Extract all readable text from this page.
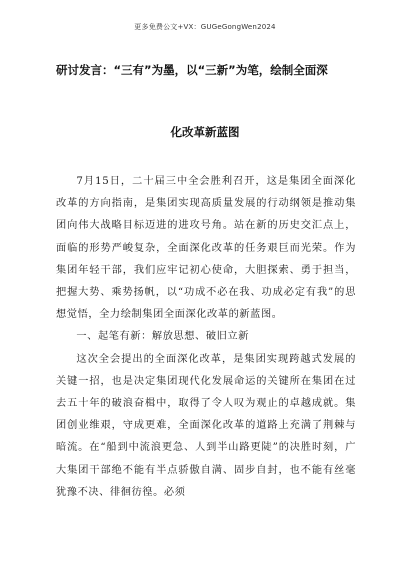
更多免费公文+VX：GUGeGongWen2024
研讨发言：“三有”为墨，以“三新”为笔，绘制全面深
化改革新蓝图

7月15日，二十届三中全会胜利召开，这是集团全面深化改革的方向指南，是集团实现高质量发展的行动纲领是推动集团向伟大战略目标迈进的进攻号角。站在新的历史交汇点上，面临的形势严峻复杂，全面深化改革的任务艰巨而光荣。作为集团年轻干部，我们应牢记初心使命，大胆探索、勇于担当，把握大势、乘势扬帆，以“功成不必在我、功成必定有我”的思想觉悟，全力绘制集团全面深化改革的新蓝图。

一、起笔有新：解放思想、破旧立新

这次全会提出的全面深化改革，是集团实现跨越式发展的关键一招，也是决定集团现代化发展命运的关键所在集团在过去五十年的破浪奋楫中，取得了令人叹为观止的卓越成就。集团创业维艰，守成更难，全面深化改革的道路上充满了荆棘与暗流。在“船到中流浪更急、人到半山路更陡”的决胜时刻，广大集团干部绝不能有半点骄傲自满、固步自封，也不能有丝毫犹豫不决、徘徊彷徨。必须
